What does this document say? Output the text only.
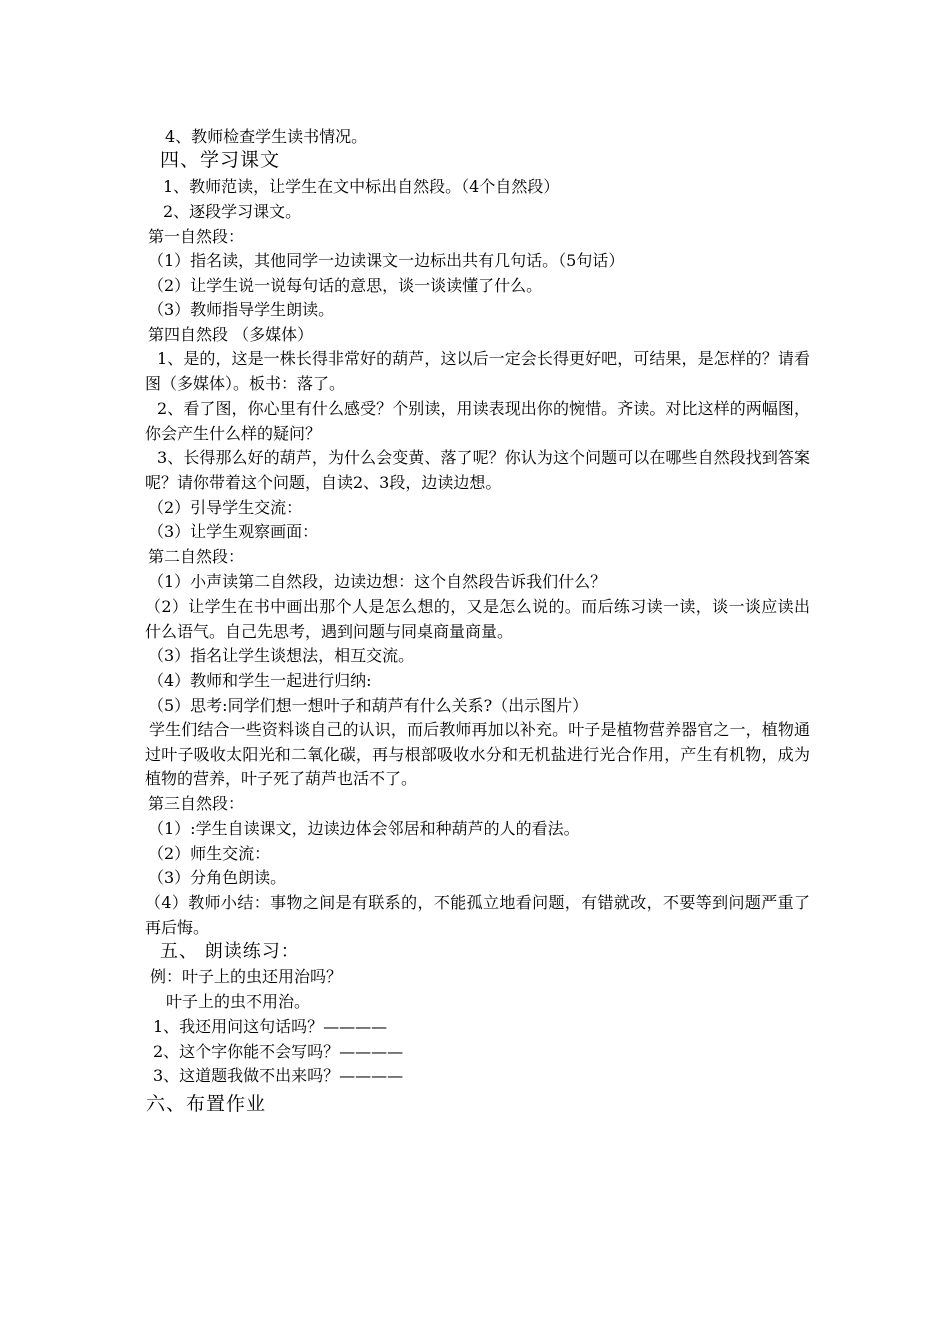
4、教师检查学生读书情况。
四、学习课文
1、教师范读，让学生在文中标出自然段。（4个自然段）
2、逐段学习课文。
第一自然段：
（1）指名读，其他同学一边读课文一边标出共有几句话。（5句话）
（2）让学生说一说每句话的意思，谈一谈读懂了什么。
（3）教师指导学生朗读。
第四自然段 （多媒体）
1、是的，这是一株长得非常好的葫芦，这以后一定会长得更好吧，可结果，是怎样的？请看图（多媒体）。板书：落了。
2、看了图，你心里有什么感受？个别读，用读表现出你的惋惜。齐读。对比这样的两幅图，你会产生什么样的疑问？
3、长得那么好的葫芦，为什么会变黄、落了呢？你认为这个问题可以在哪些自然段找到答案呢？请你带着这个问题，自读2、3段，边读边想。
（2）引导学生交流：
（3）让学生观察画面：
第二自然段：
（1）小声读第二自然段，边读边想：这个自然段告诉我们什么？
（2）让学生在书中画出那个人是怎么想的，又是怎么说的。而后练习读一读，谈一谈应读出什么语气。自己先思考，遇到问题与同桌商量商量。
（3）指名让学生谈想法，相互交流。
（4）教师和学生一起进行归纳:
（5）思考:同学们想一想叶子和葫芦有什么关系?（出示图片）
学生们结合一些资料谈自己的认识，而后教师再加以补充。叶子是植物营养器官之一，植物通过叶子吸收太阳光和二氧化碳，再与根部吸收水分和无机盐进行光合作用，产生有机物，成为植物的营养，叶子死了葫芦也活不了。
第三自然段：
（1）:学生自读课文，边读边体会邻居和种葫芦的人的看法。
（2）师生交流：
（3）分角色朗读。
（4）教师小结：事物之间是有联系的，不能孤立地看问题，有错就改，不要等到问题严重了再后悔。
五、 朗读练习：
例：叶子上的虫还用治吗？
叶子上的虫不用治。
1、我还用问这句话吗？————
2、这个字你能不会写吗？————
3、这道题我做不出来吗？————
六、布置作业
